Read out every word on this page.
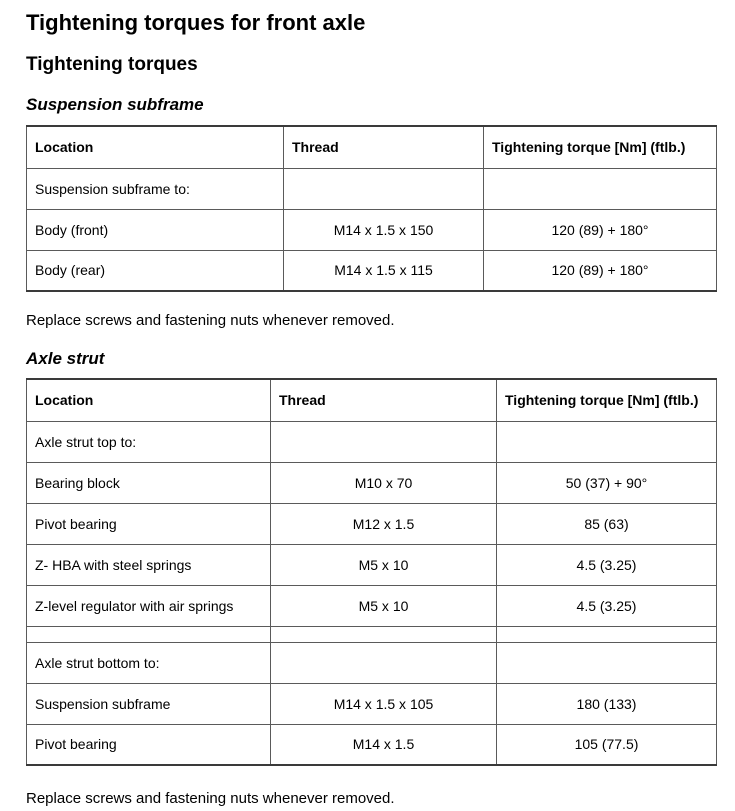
Tightening torques for front axle
Tightening torques
Suspension subframe
Location	Thread	Tightening torque [Nm] (ftlb.)
Suspension subframe to:		
Body (front)	M14 x 1.5 x 150	120 (89) + 180°
Body (rear)	M14 x 1.5 x 115	120 (89) + 180°
Replace screws and fastening nuts whenever removed.
Axle strut
Location	Thread	Tightening torque [Nm] (ftlb.)
Axle strut top to:		
Bearing block	M10 x 70	50 (37) + 90°
Pivot bearing	M12 x 1.5	85 (63)
Z- HBA with steel springs	M5 x 10	4.5 (3.25)
Z-level regulator with air springs	M5 x 10	4.5 (3.25)

Axle strut bottom to:		
Suspension subframe	M14 x 1.5 x 105	180 (133)
Pivot bearing	M14 x 1.5	105 (77.5)
Replace screws and fastening nuts whenever removed.
